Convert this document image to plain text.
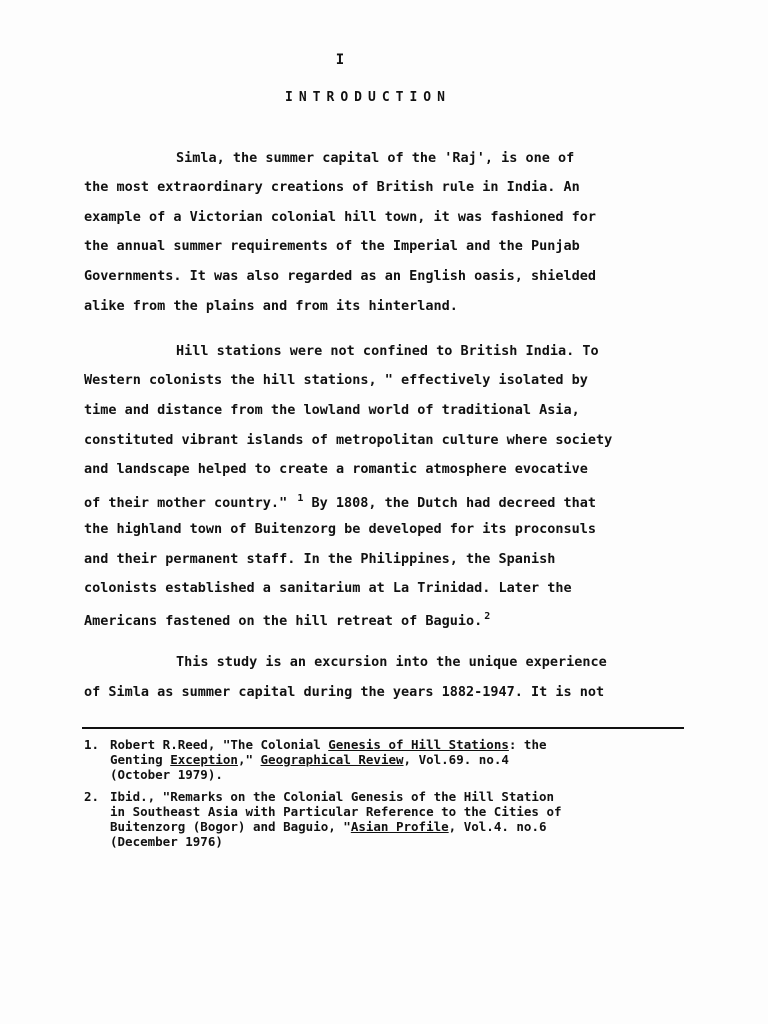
I
INTRODUCTION
Simla, the summer capital of the 'Raj', is one of
the most extraordinary creations of British rule in India. An
example of a Victorian colonial hill town, it was fashioned for
the annual summer requirements of the Imperial and the Punjab
Governments. It was also regarded as an English oasis, shielded
alike from the plains and from its hinterland.
Hill stations were not confined to British India. To
Western colonists the hill stations, " effectively isolated by
time and distance from the lowland world of traditional Asia,
constituted vibrant islands of metropolitan culture where society
and landscape helped to create a romantic atmosphere evocative
of their mother country." $^1$ By 1808, the Dutch had decreed that
the highland town of Buitenzorg be developed for its proconsuls
and their permanent staff. In the Philippines, the Spanish
colonists established a sanitarium at La Trinidad. Later the
Americans fastened on the hill retreat of Baguio. $^2$
This study is an excursion into the unique experience
of Simla as summer capital during the years 1882-1947. It is not
1. Robert R.Reed, "The Colonial Genesis of Hill Stations: the
Genting Exception," Geographical Review, Vol.69. no.4
(October 1979).
2. Ibid., "Remarks on the Colonial Genesis of the Hill Station
in Southeast Asia with Particular Reference to the Cities of
Buitenzorg (Bogor) and Baguio, "Asian Profile, Vol.4. no.6
(December 1976)
